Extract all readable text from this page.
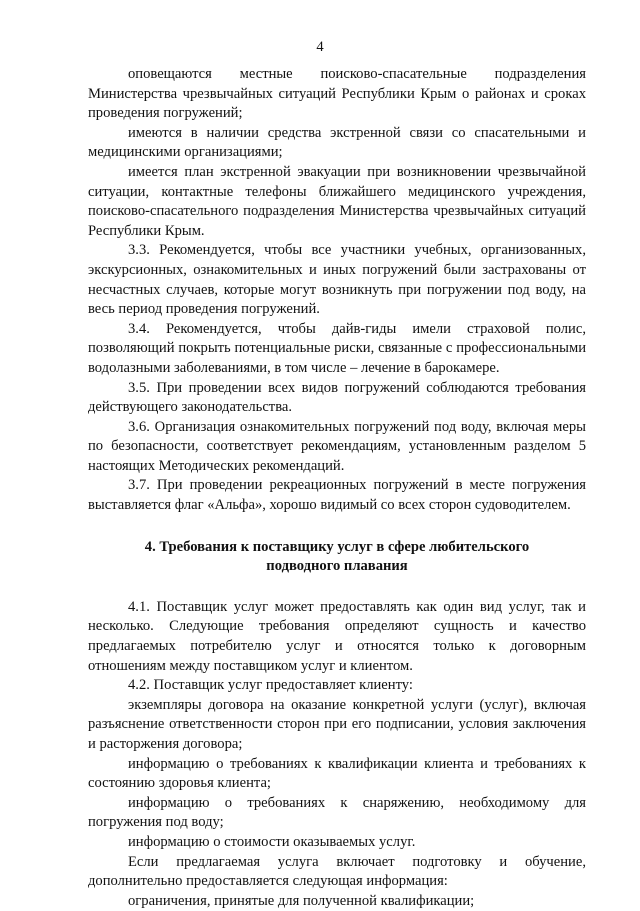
4

оповещаются местные поисково-спасательные подразделения Министерства чрезвычайных ситуаций Республики Крым о районах и сроках проведения погружений;

имеются в наличии средства экстренной связи со спасательными и медицинскими организациями;

имеется план экстренной эвакуации при возникновении чрезвычайной ситуации, контактные телефоны ближайшего медицинского учреждения, поисково-спасательного подразделения Министерства чрезвычайных ситуаций Республики Крым.

3.3. Рекомендуется, чтобы все участники учебных, организованных, экскурсионных, ознакомительных и иных погружений были застрахованы от несчастных случаев, которые могут возникнуть при погружении под воду, на весь период проведения погружений.

3.4. Рекомендуется, чтобы дайв-гиды имели страховой полис, позволяющий покрыть потенциальные риски, связанные с профессиональными водолазными заболеваниями, в том числе – лечение в барокамере.

3.5. При проведении всех видов погружений соблюдаются требования действующего законодательства.

3.6. Организация ознакомительных погружений под воду, включая меры по безопасности, соответствует рекомендациям, установленным разделом 5 настоящих Методических рекомендаций.

3.7. При проведении рекреационных погружений в месте погружения выставляется флаг «Альфа», хорошо видимый со всех сторон судоводителем.

4. Требования к поставщику услуг в сфере любительского подводного плавания

4.1. Поставщик услуг может предоставлять как один вид услуг, так и несколько. Следующие требования определяют сущность и качество предлагаемых потребителю услуг и относятся только к договорным отношениям между поставщиком услуг и клиентом.

4.2. Поставщик услуг предоставляет клиенту:

экземпляры договора на оказание конкретной услуги (услуг), включая разъяснение ответственности сторон при его подписании, условия заключения и расторжения договора;

информацию о требованиях к квалификации клиента и требованиях к состоянию здоровья клиента;

информацию о требованиях к снаряжению, необходимому для погружения под воду;

информацию о стоимости оказываемых услуг.

Если предлагаемая услуга включает подготовку и обучение, дополнительно предоставляется следующая информация:

ограничения, принятые для полученной квалификации;
